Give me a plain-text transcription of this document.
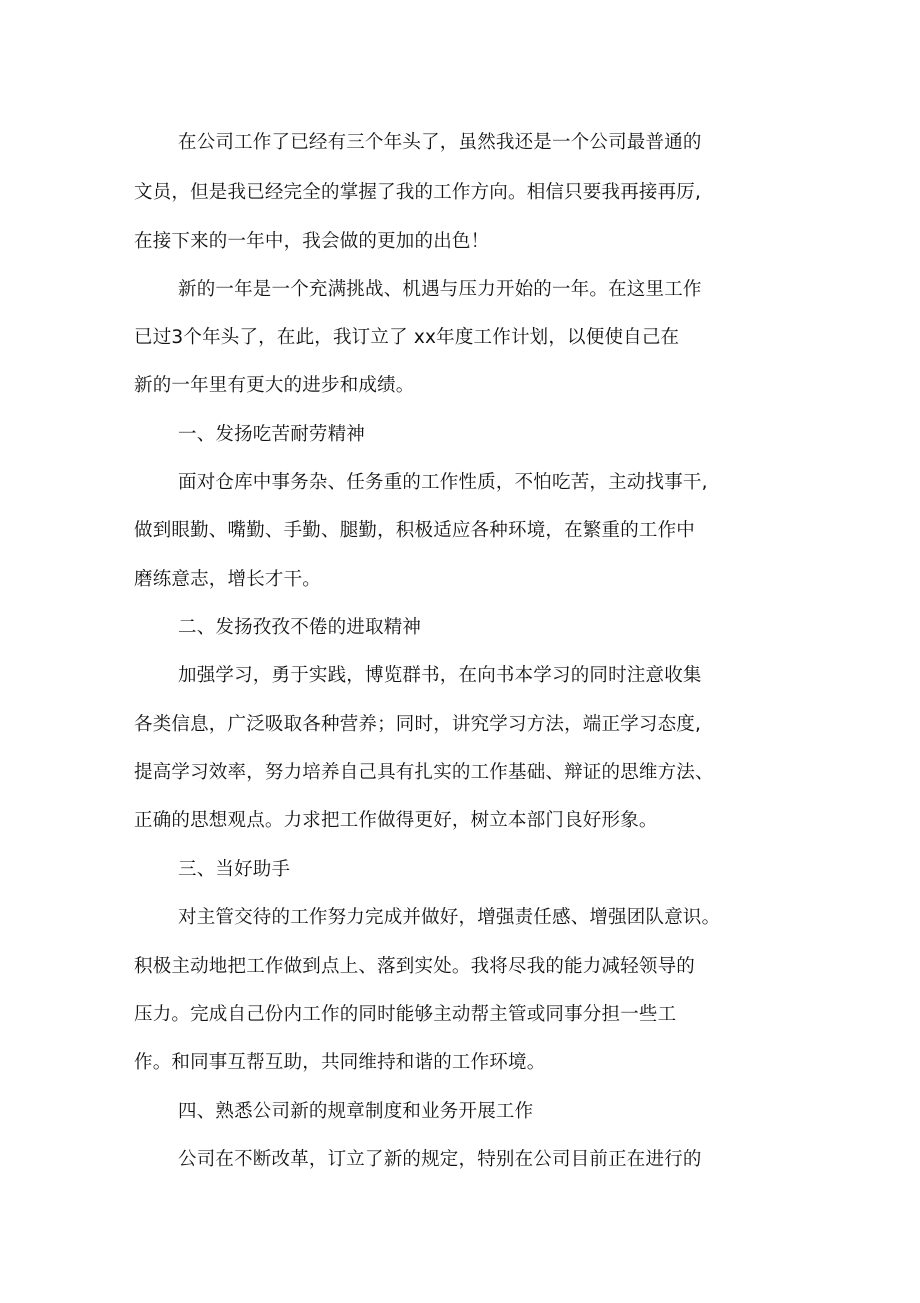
在公司工作了已经有三个年头了，虽然我还是一个公司最普通的
文员，但是我已经完全的掌握了我的工作方向。相信只要我再接再厉,
在接下来的一年中，我会做的更加的出色！
新的一年是一个充满挑战、机遇与压力开始的一年。在这里工作
已过3个年头了，在此，我订立了 xx年度工作计划，以便使自己在
新的一年里有更大的进步和成绩。
一、发扬吃苦耐劳精神
面对仓库中事务杂、任务重的工作性质，不怕吃苦，主动找事干,
做到眼勤、嘴勤、手勤、腿勤，积极适应各种环境，在繁重的工作中
磨练意志，增长才干。
二、发扬孜孜不倦的进取精神
加强学习，勇于实践，博览群书，在向书本学习的同时注意收集
各类信息，广泛吸取各种营养；同时，讲究学习方法，端正学习态度,
提高学习效率，努力培养自己具有扎实的工作基础、辩证的思维方法、
正确的思想观点。力求把工作做得更好，树立本部门良好形象。
三、当好助手
对主管交待的工作努力完成并做好，增强责任感、增强团队意识。
积极主动地把工作做到点上、落到实处。我将尽我的能力减轻领导的
压力。完成自己份内工作的同时能够主动帮主管或同事分担一些工
作。和同事互帮互助，共同维持和谐的工作环境。
四、熟悉公司新的规章制度和业务开展工作
公司在不断改革，订立了新的规定，特别在公司目前正在进行的
